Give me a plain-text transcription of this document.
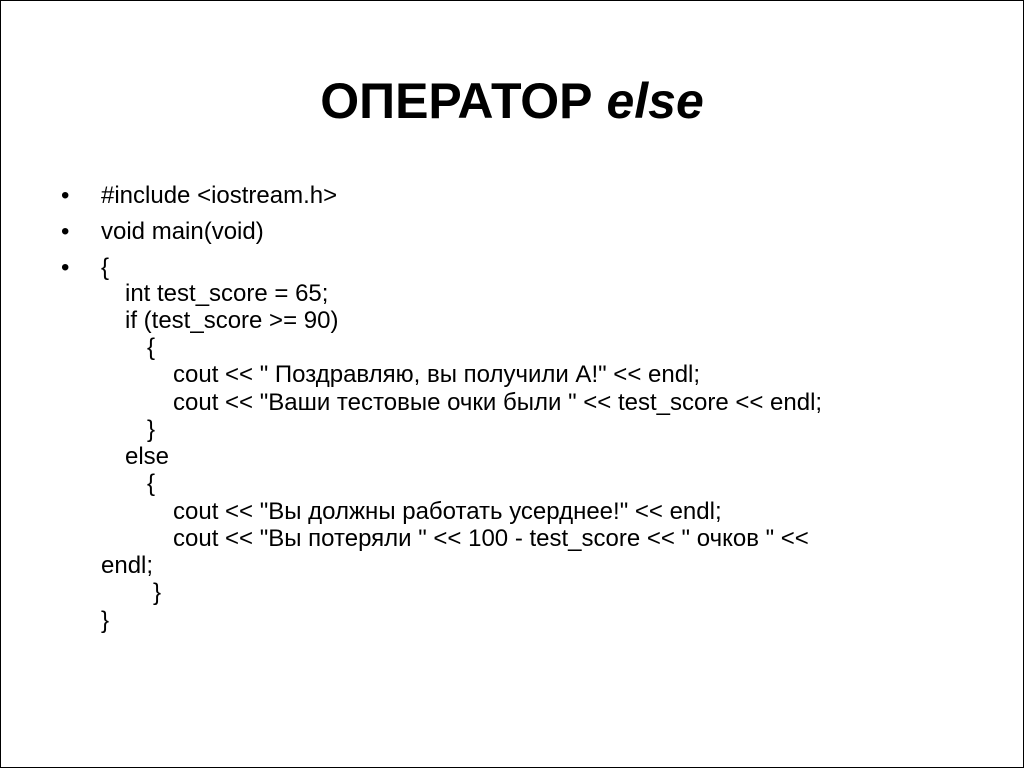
ОПЕРАТОР else
• #include <iostream.h>
• void main(void)
• {
int test_score = 65;
if (test_score >= 90)
{
cout << " Поздравляю, вы получили A!" << endl;
cout << "Ваши тестовые очки были " << test_score << endl;
}
else
{
cout << "Вы должны работать усерднее!" << endl;
cout << "Вы потеряли " << 100 - test_score << " очков " <<
endl;
}
}
